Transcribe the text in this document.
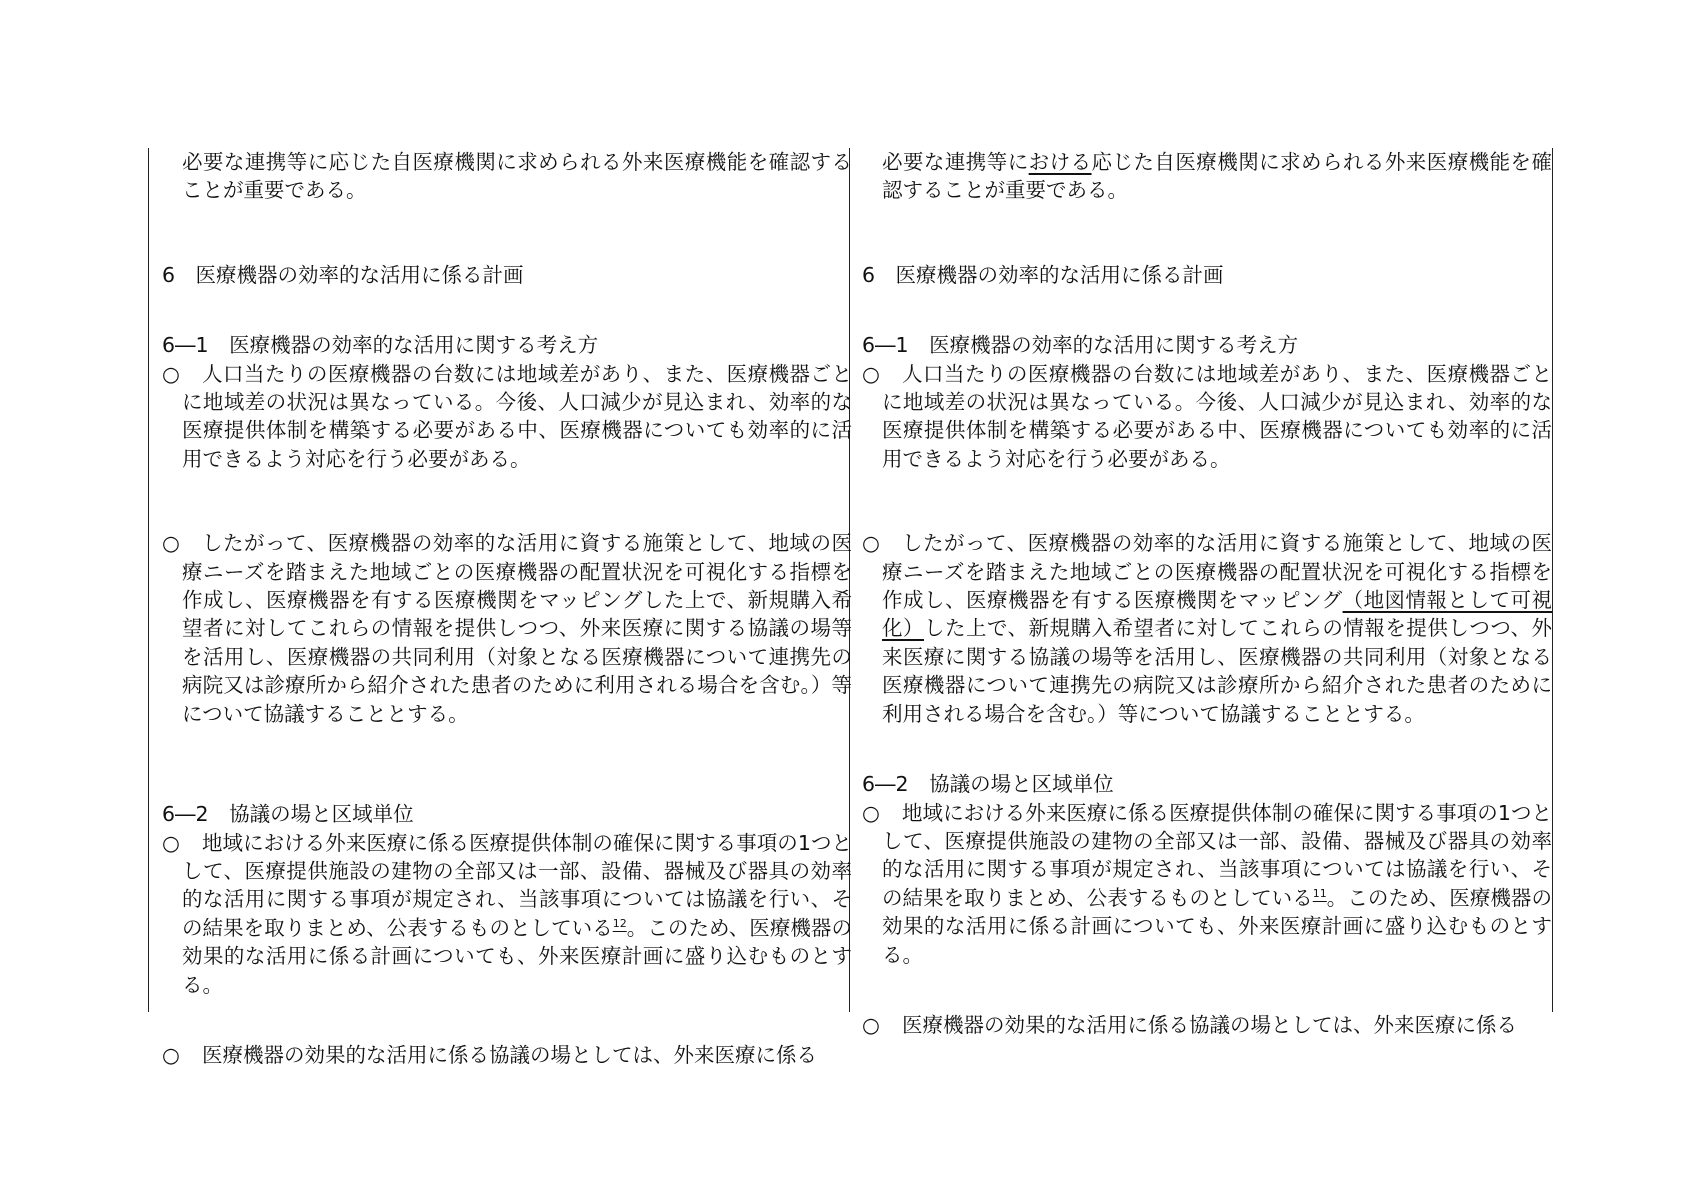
必要な連携等に応じた自医療機関に求められる外来医療機能を確認することが重要である。

6　医療機器の効率的な活用に係る計画

6―1　医療機器の効率的な活用に関する考え方

○	人口当たりの医療機器の台数には地域差があり、また、医療機器ごとに地域差の状況は異なっている。今後、人口減少が見込まれ、効率的な医療提供体制を構築する必要がある中、医療機器についても効率的に活用できるよう対応を行う必要がある。
○	したがって、医療機器の効率的な活用に資する施策として、地域の医療ニーズを踏まえた地域ごとの医療機器の配置状況を可視化する指標を作成し、医療機器を有する医療機関をマッピングした上で、新規購入希望者に対してこれらの情報を提供しつつ、外来医療に関する協議の場等を活用し、医療機器の共同利用（対象となる医療機器について連携先の病院又は診療所から紹介された患者のために利用される場合を含む。）等について協議することとする。

6―2　協議の場と区域単位

○	地域における外来医療に係る医療提供体制の確保に関する事項の1つとして、医療提供施設の建物の全部又は一部、設備、器械及び器具の効率的な活用に関する事項が規定され、当該事項については協議を行い、その結果を取りまとめ、公表するものとしている$^{12}$。このため、医療機器の効果的な活用に係る計画についても、外来医療計画に盛り込むものとする。
○	医療機器の効果的な活用に係る協議の場としては、外来医療に係る

必要な連携等における応じた自医療機関に求められる外来医療機能を確認することが重要である。

6　医療機器の効率的な活用に係る計画

6―1　医療機器の効率的な活用に関する考え方

○	人口当たりの医療機器の台数には地域差があり、また、医療機器ごとに地域差の状況は異なっている。今後、人口減少が見込まれ、効率的な医療提供体制を構築する必要がある中、医療機器についても効率的に活用できるよう対応を行う必要がある。
○	したがって、医療機器の効率的な活用に資する施策として、地域の医療ニーズを踏まえた地域ごとの医療機器の配置状況を可視化する指標を作成し、医療機器を有する医療機関をマッピング（地図情報として可視化）した上で、新規購入希望者に対してこれらの情報を提供しつつ、外来医療に関する協議の場等を活用し、医療機器の共同利用（対象となる医療機器について連携先の病院又は診療所から紹介された患者のために利用される場合を含む。）等について協議することとする。

6―2　協議の場と区域単位

○	地域における外来医療に係る医療提供体制の確保に関する事項の1つとして、医療提供施設の建物の全部又は一部、設備、器械及び器具の効率的な活用に関する事項が規定され、当該事項については協議を行い、その結果を取りまとめ、公表するものとしている$^{11}$。このため、医療機器の効果的な活用に係る計画についても、外来医療計画に盛り込むものとする。
○	医療機器の効果的な活用に係る協議の場としては、外来医療に係る
